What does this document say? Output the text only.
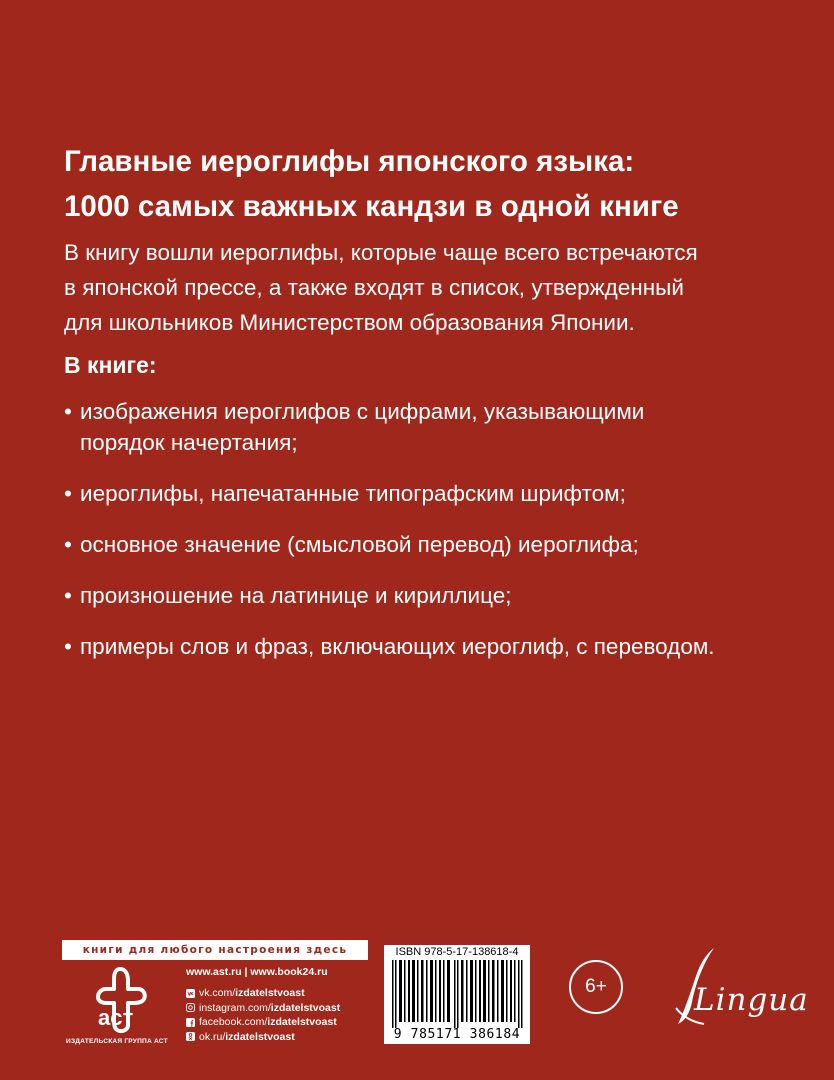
Главные иероглифы японского языка:
1000 самых важных кандзи в одной книге
В книгу вошли иероглифы, которые чаще всего встречаются
в японской прессе, а также входят в список, утвержденный
для школьников Министерством образования Японии.
В книге:
• изображения иероглифов с цифрами, указывающими
порядок начертания;
• иероглифы, напечатанные типографским шрифтом;
• основное значение (смысловой перевод) иероглифа;
• произношение на латинице и кириллице;
• примеры слов и фраз, включающих иероглиф, с переводом.
книги для любого настроения здесь
аст
ИЗДАТЕЛЬСКАЯ ГРУППА АСТ
www.ast.ru | www.book24.ru
vk.com/ izdatelstvoast
instagram.com/ izdatelstvoast
facebook.com/ izdatelstvoast
ok.ru/ izdatelstvoast
ISBN 978-5-17-138618-4
9 785171 386184
6+	Lingua
